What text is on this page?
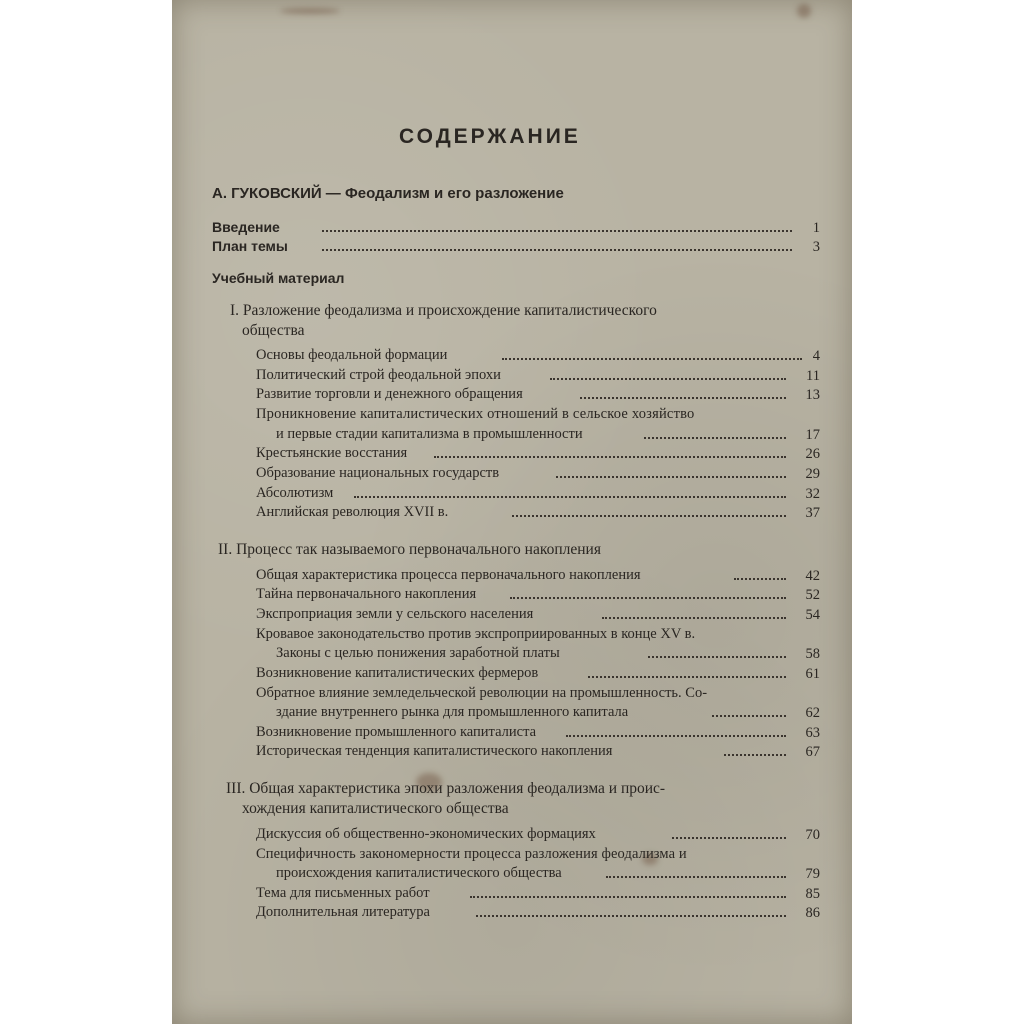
СОДЕРЖАНИЕ
А. ГУКОВСКИЙ — Феодализм и его разложение
Введение	1
План темы	3
Учебный материал
I. Разложение феодализма и происхождение капиталистического
общества
Основы феодальной формации	4
Политический строй феодальной эпохи	11
Развитие торговли и денежного обращения	13
Проникновение капиталистических отношений в сельское хозяйство
и первые стадии капитализма в промышленности	17
Крестьянские восстания	26
Образование национальных государств	29
Абсолютизм	32
Английская революция XVII в.	37
II. Процесс так называемого первоначального накопления
Общая характеристика процесса первоначального накопления	42
Тайна первоначального накопления	52
Экспроприация земли у сельского населения	54
Кровавое законодательство против экспроприированных в конце XV в.
Законы с целью понижения заработной платы	58
Возникновение капиталистических фермеров	61
Обратное влияние земледельческой революции на промышленность. Со-
здание внутреннего рынка для промышленного капитала	62
Возникновение промышленного капиталиста	63
Историческая тенденция капиталистического накопления	67
III. Общая характеристика эпохи разложения феодализма и проис-
хождения капиталистического общества
Дискуссия об общественно-экономических формациях	70
Специфичность закономерности процесса разложения феодализма и
происхождения капиталистического общества	79
Тема для письменных работ	85
Дополнительная литература	86
